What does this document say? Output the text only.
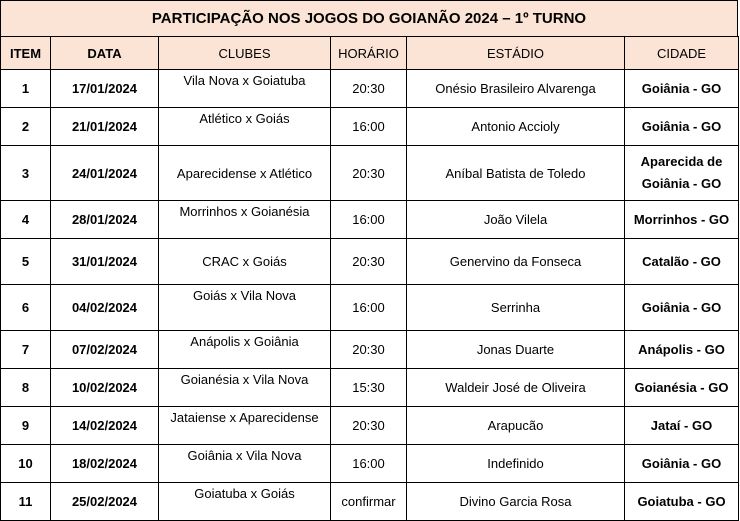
PARTICIPAÇÃO NOS JOGOS DO GOIANÃO 2024 – 1º TURNO
ITEM	DATA	CLUBES	HORÁRIO	ESTÁDIO	CIDADE
1	17/01/2024	Vila Nova x Goiatuba	20:30	Onésio Brasileiro Alvarenga	Goiânia - GO
2	21/01/2024	Atlético x Goiás	16:00	Antonio Accioly	Goiânia - GO
3	24/01/2024	Aparecidense x Atlético	20:30	Aníbal Batista de Toledo	Aparecida de Goiânia - GO
4	28/01/2024	Morrinhos x Goianésia	16:00	João Vilela	Morrinhos - GO
5	31/01/2024	CRAC x Goiás	20:30	Genervino da Fonseca	Catalão - GO
6	04/02/2024	Goiás x Vila Nova	16:00	Serrinha	Goiânia - GO
7	07/02/2024	Anápolis x Goiânia	20:30	Jonas Duarte	Anápolis - GO
8	10/02/2024	Goianésia x Vila Nova	15:30	Waldeir José de Oliveira	Goianésia - GO
9	14/02/2024	Jataiense x Aparecidense	20:30	Arapucão	Jataí - GO
10	18/02/2024	Goiânia x Vila Nova	16:00	Indefinido	Goiânia - GO
11	25/02/2024	Goiatuba x Goiás	confirmar	Divino Garcia Rosa	Goiatuba - GO
